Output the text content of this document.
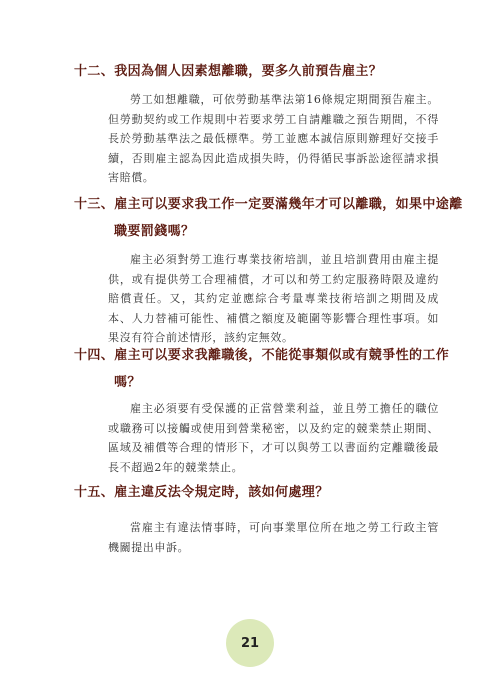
十二、我因為個人因素想離職，要多久前預告雇主？
勞工如想離職，可依勞動基準法第16條規定期間預告雇主。但勞動契約或工作規則中若要求勞工自請離職之預告期間，不得長於勞動基準法之最低標準。勞工並應本誠信原則辦理好交接手續，否則雇主認為因此造成損失時，仍得循民事訴訟途徑請求損害賠償。
十三、雇主可以要求我工作一定要滿幾年才可以離職，如果中途離職要罰錢嗎？
雇主必須對勞工進行專業技術培訓，並且培訓費用由雇主提供，或有提供勞工合理補償，才可以和勞工約定服務時限及違約賠償責任。又，其約定並應綜合考量專業技術培訓之期間及成本、人力替補可能性、補償之額度及範圍等影響合理性事項。如果沒有符合前述情形，該約定無效。
十四、雇主可以要求我離職後，不能從事類似或有競爭性的工作嗎？
雇主必須要有受保護的正當營業利益，並且勞工擔任的職位或職務可以接觸或使用到營業秘密，以及約定的競業禁止期間、區域及補償等合理的情形下，才可以與勞工以書面約定離職後最長不超過2年的競業禁止。
十五、雇主違反法令規定時，該如何處理？
當雇主有違法情事時，可向事業單位所在地之勞工行政主管機關提出申訴。
21
